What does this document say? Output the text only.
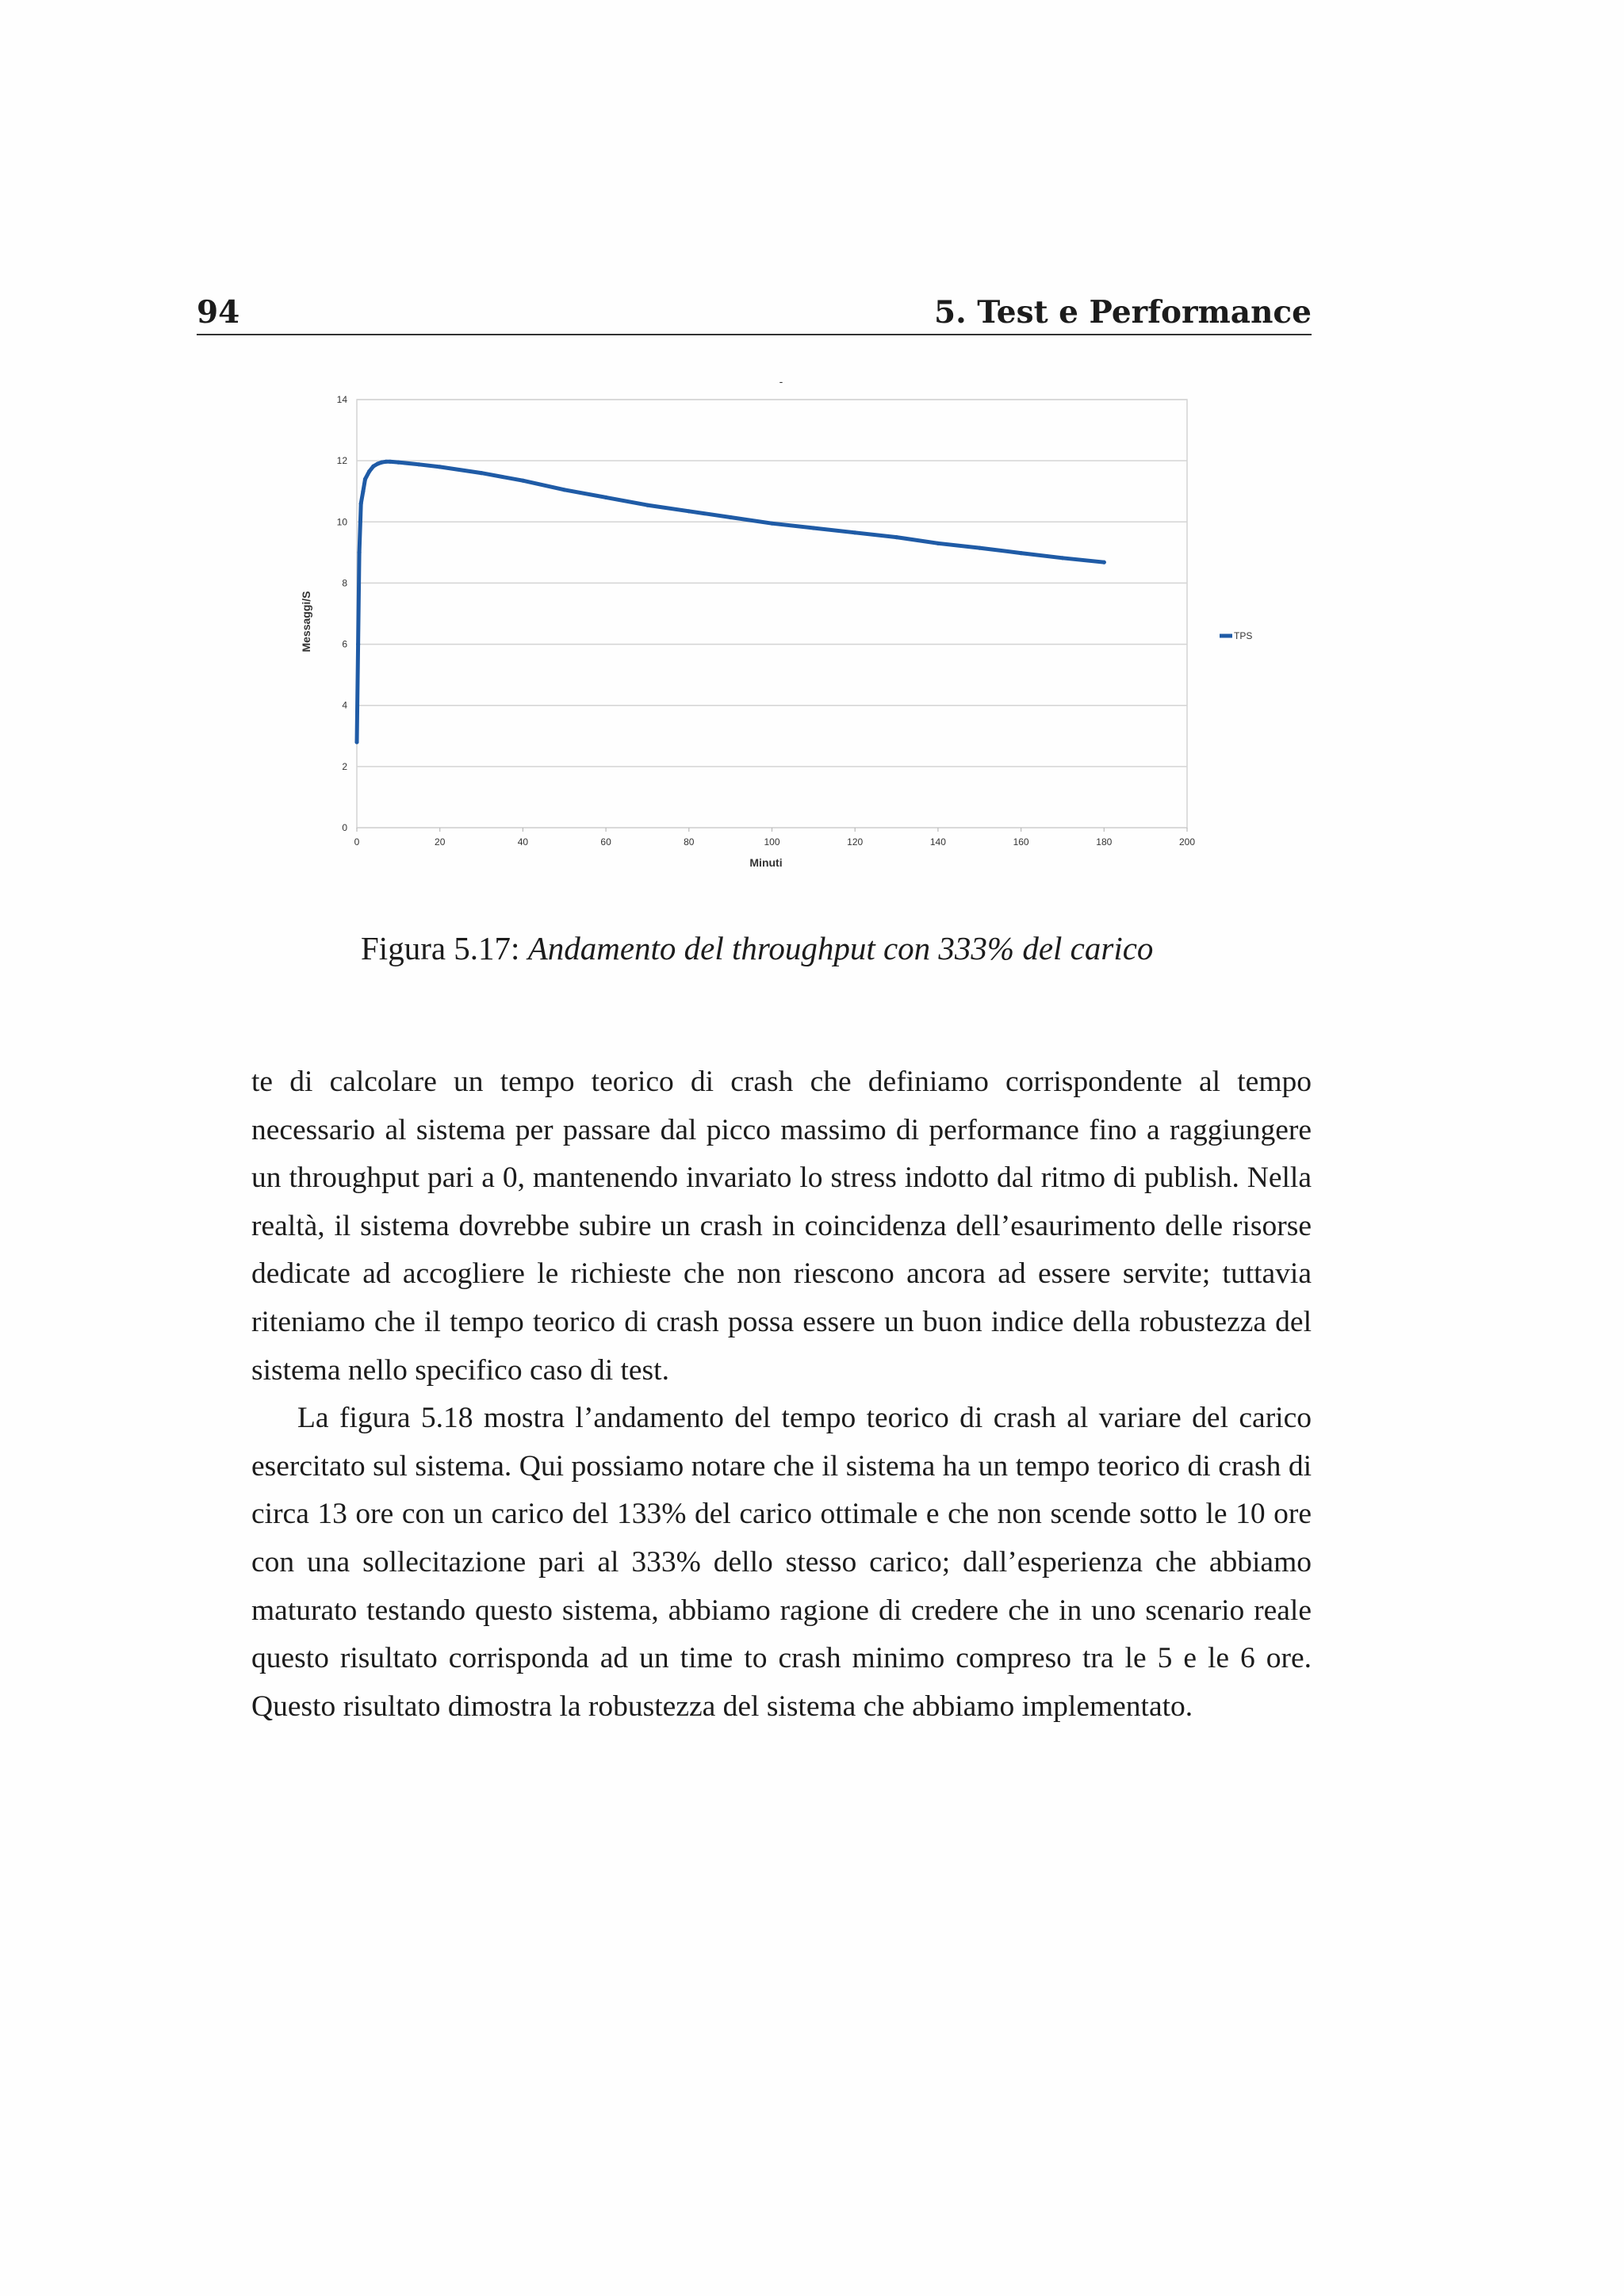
94	5. Test e Performance
-
0
2
4
6
8
10
12
14
0	20	40	60	80	100	120	140	160	180	200
Messaggi/S
Minuti
TPS
Figura 5.17: Andamento del throughput con 333% del carico

te di calcolare un tempo teorico di crash che definiamo corrispondente al tempo necessario al sistema per passare dal picco massimo di performance fino a raggiungere un throughput pari a 0, mantenendo invariato lo stress indotto dal ritmo di publish. Nella realtà, il sistema dovrebbe subire un crash in coincidenza dell’esaurimento delle risorse dedicate ad accogliere le richieste che non riescono ancora ad essere servite; tuttavia riteniamo che il tempo teorico di crash possa essere un buon indice della robustezza del sistema nello specifico caso di test.

La figura 5.18 mostra l’andamento del tempo teorico di crash al variare del carico esercitato sul sistema. Qui possiamo notare che il sistema ha un tempo teorico di crash di circa 13 ore con un carico del 133% del carico ottimale e che non scende sotto le 10 ore con una sollecitazione pari al 333% dello stesso carico; dall’esperienza che abbiamo maturato testando questo sistema, abbiamo ragione di credere che in uno scenario reale questo risultato corrisponda ad un time to crash minimo compreso tra le 5 e le 6 ore. Questo risultato dimostra la robustezza del sistema che abbiamo implementato.
